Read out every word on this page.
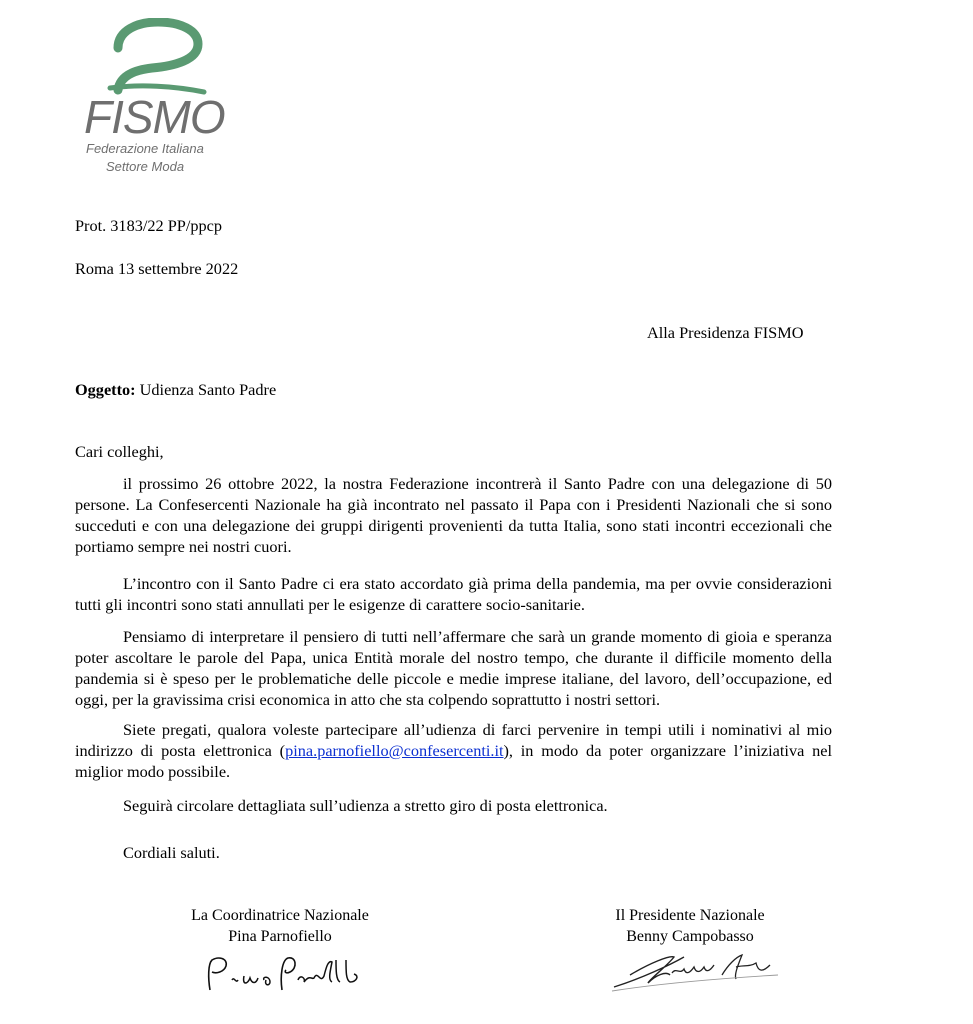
FISMO
Federazione Italiana
Settore Moda
Prot. 3183/22 PP/ppcp
Roma 13 settembre 2022
Alla Presidenza FISMO
Oggetto: Udienza Santo Padre
Cari colleghi,
il prossimo 26 ottobre 2022, la nostra Federazione incontrerà il Santo Padre con una delegazione di 50 persone. La Confesercenti Nazionale ha già incontrato nel passato il Papa con i Presidenti Nazionali che si sono succeduti e con una delegazione dei gruppi dirigenti provenienti da tutta Italia, sono stati incontri eccezionali che portiamo sempre nei nostri cuori.
L’incontro con il Santo Padre ci era stato accordato già prima della pandemia, ma per ovvie considerazioni tutti gli incontri sono stati annullati per le esigenze di carattere socio-sanitarie.
Pensiamo di interpretare il pensiero di tutti nell’affermare che sarà un grande momento di gioia e speranza poter ascoltare le parole del Papa, unica Entità morale del nostro tempo, che durante il difficile momento della pandemia si è speso per le problematiche delle piccole e medie imprese italiane, del lavoro, dell’occupazione, ed oggi, per la gravissima crisi economica in atto che sta colpendo soprattutto i nostri settori.
Siete pregati, qualora voleste partecipare all’udienza di farci pervenire in tempi utili i nominativi al mio indirizzo di posta elettronica (pina.parnofiello@confesercenti.it), in modo da poter organizzare l’iniziativa nel miglior modo possibile.
Seguirà circolare dettagliata sull’udienza a stretto giro di posta elettronica.
Cordiali saluti.
La Coordinatrice Nazionale
Pina Parnofiello
Il Presidente Nazionale
Benny Campobasso
